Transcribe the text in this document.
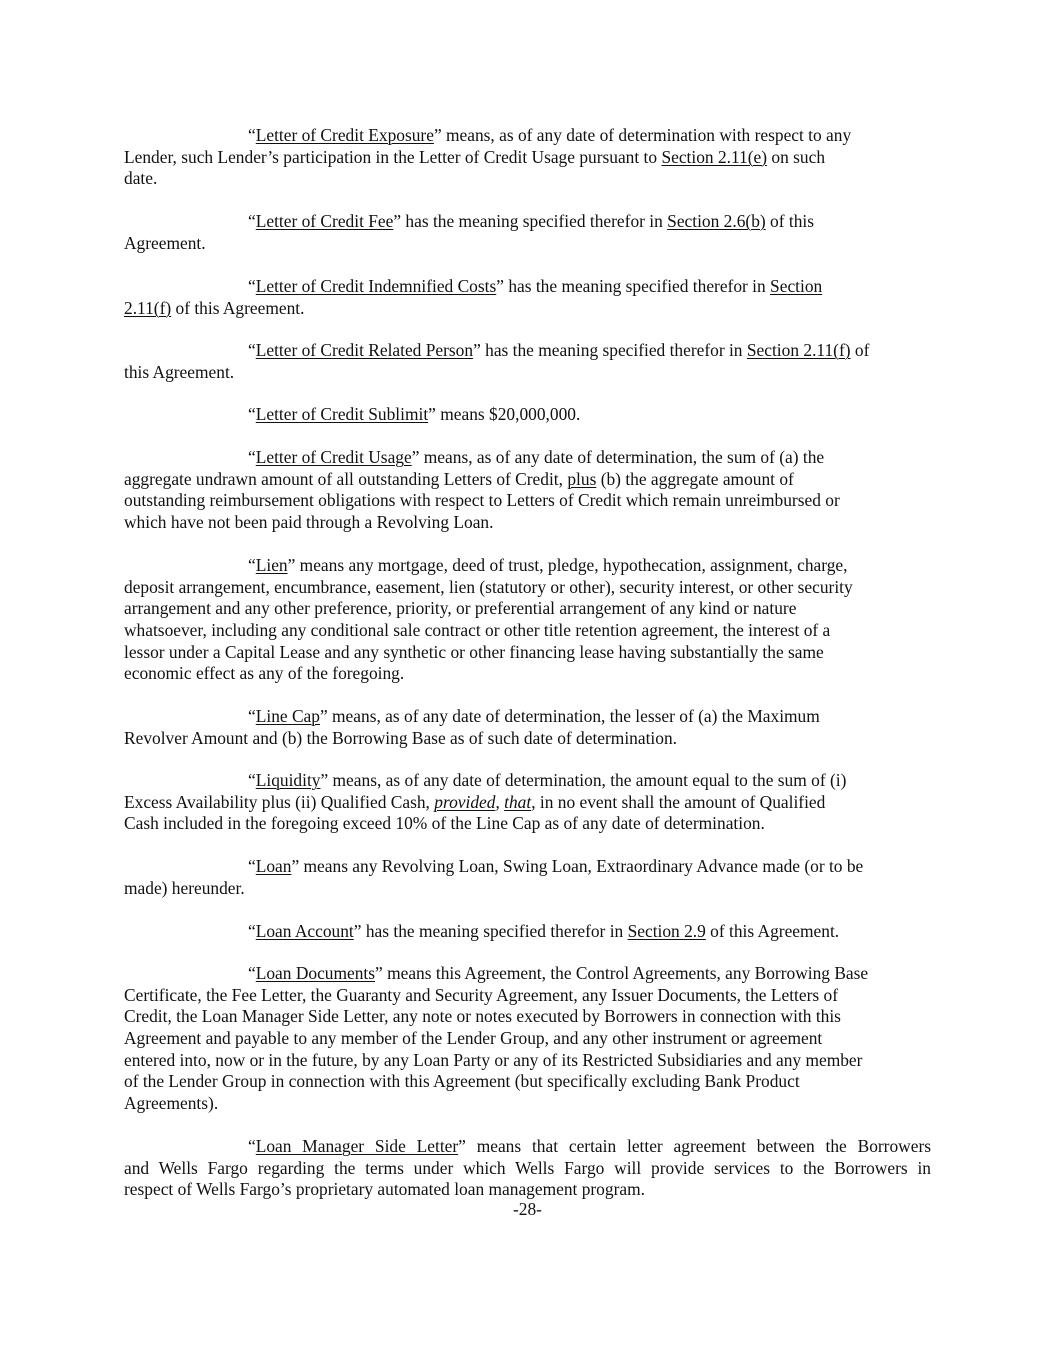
“Letter of Credit Exposure” means, as of any date of determination with respect to any
Lender, such Lender’s participation in the Letter of Credit Usage pursuant to Section 2.11(e) on such
date.
“Letter of Credit Fee” has the meaning specified therefor in Section 2.6(b) of this
Agreement.
“Letter of Credit Indemnified Costs” has the meaning specified therefor in Section
2.11(f) of this Agreement.
“Letter of Credit Related Person” has the meaning specified therefor in Section 2.11(f) of
this Agreement.
“Letter of Credit Sublimit” means $20,000,000.
“Letter of Credit Usage” means, as of any date of determination, the sum of (a) the
aggregate undrawn amount of all outstanding Letters of Credit, plus (b) the aggregate amount of
outstanding reimbursement obligations with respect to Letters of Credit which remain unreimbursed or
which have not been paid through a Revolving Loan.
“Lien” means any mortgage, deed of trust, pledge, hypothecation, assignment, charge,
deposit arrangement, encumbrance, easement, lien (statutory or other), security interest, or other security
arrangement and any other preference, priority, or preferential arrangement of any kind or nature
whatsoever, including any conditional sale contract or other title retention agreement, the interest of a
lessor under a Capital Lease and any synthetic or other financing lease having substantially the same
economic effect as any of the foregoing.
“Line Cap” means, as of any date of determination, the lesser of (a) the Maximum
Revolver Amount and (b) the Borrowing Base as of such date of determination.
“Liquidity” means, as of any date of determination, the amount equal to the sum of (i)
Excess Availability plus (ii) Qualified Cash, provided, that, in no event shall the amount of Qualified
Cash included in the foregoing exceed 10% of the Line Cap as of any date of determination.
“Loan” means any Revolving Loan, Swing Loan, Extraordinary Advance made (or to be
made) hereunder.
“Loan Account” has the meaning specified therefor in Section 2.9 of this Agreement.
“Loan Documents” means this Agreement, the Control Agreements, any Borrowing Base
Certificate, the Fee Letter, the Guaranty and Security Agreement, any Issuer Documents, the Letters of
Credit, the Loan Manager Side Letter, any note or notes executed by Borrowers in connection with this
Agreement and payable to any member of the Lender Group, and any other instrument or agreement
entered into, now or in the future, by any Loan Party or any of its Restricted Subsidiaries and any member
of the Lender Group in connection with this Agreement (but specifically excluding Bank Product
Agreements).
“Loan Manager Side Letter” means that certain letter agreement between the Borrowers
and Wells Fargo regarding the terms under which Wells Fargo will provide services to the Borrowers in
respect of Wells Fargo’s proprietary automated loan management program.
-28-
